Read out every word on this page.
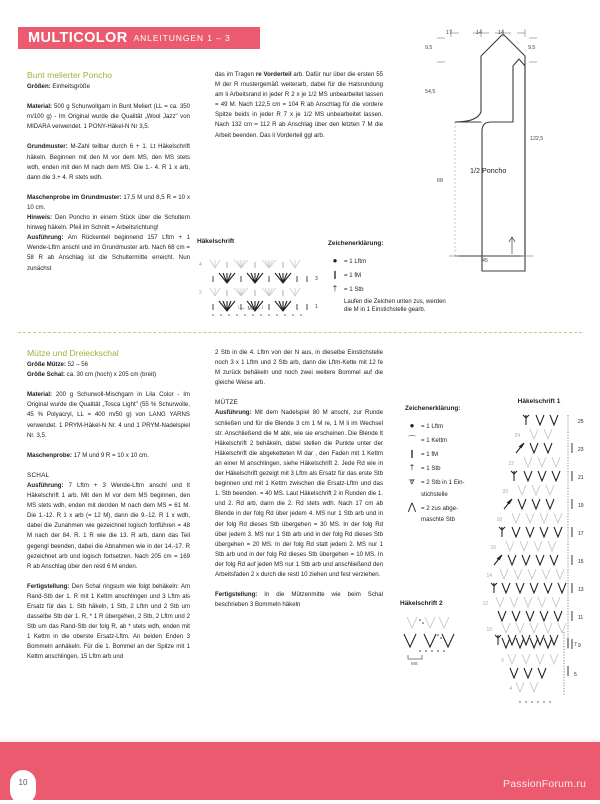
MULTICOLOR ANLEITUNGEN 1 – 3
Bunt melierter Poncho

Größen: Einheitsgröße

Material: 500 g Schurwollgarn in Bunt Meliert (LL = ca. 350 m/100 g) - Im Original wurde die Qualität „Wool Jazz" von MIDARA verwendet. 1 PONY-Häkel-N Nr 3,5.

Grundmuster: M-Zahl teilbar durch 6 + 1. Lt Häkelschrift häkeln. Beginnen mit den M vor dem MS, den MS stets wdh, enden mit den M nach dem MS. Die 1.- 4. R 1 x arb, dann die 3.+ 4. R stets wdh.

Maschenprobe im Grundmuster: 17,5 M und 8,5 R = 10 x 10 cm.

Hinweis: Den Poncho in einem Stück über die Schultern hinweg häkeln. Pfeil im Schnitt = Arbeitsrichtung!

Ausführung: Am Rückenteil beginnend 157 Lftm + 1 Wende-Lftm anschl und im Grundmuster arb. Nach 68 cm = 58 R ab Anschlag ist die Schultermitte erreicht. Nun zunächst

das im Tragen re Vorderteil arb. Dafür nur über die ersten 55 M der R mustergemäß weiterarb, dabei für die Halsrundung am li Arbeitsrand in jeder R 2 x je 1/2 MS unbearbeitet lassen = 49 M. Nach 122,5 cm = 104 R ab Anschlag für die vordere Spitze beids in jeder R 7 x je 1/2 MS unbearbeitet lassen. Nach 132 cm = 112 R ab Anschlag über den letzten 7 M die Arbeit beenden. Das li Vorderteil ggl arb.

17	14	14
9,5	9,5
54,5
68
122,5
45
1/2 Poncho
Häkelschrift
4
2
3
1
└─ MS ─┘
Zeichenerklärung:
●	= 1 Lftm
❙ = 1 fM
†	= 1 Stb
Laufen die Zeichen unten zus, werden die M in 1 Einstichstelle gearb.
Mütze und Dreieckschal

Größe Mütze: 52 – 56

Größe Schal: ca. 30 cm (hoch) x 205 cm (breit)

Material: 200 g Schurwoll-Mischgarn in Lila Color - Im Original wurde die Qualität „Tosca Light" (55 % Schurwolle, 45 % Polyacryl, LL = 400 m/50 g) von LANG YARNS verwendet. 1 PRYM-Häkel-N Nr. 4 und 1 PRYM-Nadelspiel Nr. 3,5.

Maschenprobe: 17 M und 9 R = 10 x 10 cm.

SCHAL

Ausführung: 7 Lftm + 3 Wende-Lftm anschl und lt Häkelschrift 1 arb. Mit den M vor dem MS beginnen, den MS stets wdh, enden mit der/den M nach dem MS = 61 M. Die 1.-12. R 1 x arb (= 12 M), dann die 9.-12. R 1 x wdh, dabei die Zunahmen wie gezeichnet logisch fortführen = 48 M nach der 84. R. 1 R wie die 13. R arb, dann das Teil gegengl beenden, dabei die Abnahmen wie in der 14.-17. R gezeichnet arb und logisch fortsetzen. Nach 205 cm = 169 R ab Anschlag über den restl 6 M enden.

Fertigstellung: Den Schal ringsum wie folgt behäkeln: Am Rand-Stb der 1. R mit 1 Kettm anschlingen und 3 Lftm als Ersatz für das 1. Stb häkeln, 1 Stb, 2 Lftm und 2 Stb um dasselbe Stb der 1. R, * 1 R übergehen, 2 Stb, 2 Lftm und 2 Stb um das Rand-Stb der folg R, ab * stets wdh, enden mit 1 Kettm in die oberste Ersatz-Lftm. An beiden Enden 3 Bommeln anhäkeln. Für die 1. Bommel an der Spitze mit 1 Kettm anschlingen, 15 Lftm arb und

2 Stb in die 4. Lftm von der N aus, in dieselbe Einstichstelle noch 3 x 1 Lftm und 2 Stb arb, dann die Lftm-Kette mit 12 fe M zurück behäkeln und noch zwei weitere Bommel auf die gleiche Weise arb.

MÜTZE

Ausführung: Mit dem Nadelspiel 80 M anschl, zur Runde schließen und für die Blende 3 cm 1 M re, 1 M li im Wechsel str. Anschließend die M abk, wie sie erscheinen. Die Blende lt Häkelschrift 2 behäkeln, dabei stellen die Punkte unter der Häkelschrift die abgeketteten M dar , den Faden mit 1 Kettm an einer M anschlingen, siehe Häkelschrift 2. Jede Rd wie in der Häkelschrift gezeigt mit 3 Lftm als Ersatz für das erste Stb beginnen und mit 1 Kettm zwischen die Ersatz-Lftm und das 1. Stb beenden. = 40 MS. Laut Häkelschrift 2 in Runden die 1. und 2. Rd arb, dann die 2. Rd stets wdh. Nach 17 cm ab Blende in der folg Rd über jedem 4. MS nur 1 Stb arb und in der folg Rd dieses Stb übergehen = 30 MS. In der folg Rd über jedem 3. MS nur 1 Stb arb und in der folg Rd dieses Stb übergehen = 20 MS. In der folg Rd statt jedem 2. MS nur 1 Stb arb und in der folg Rd dieses Stb übergehen = 10 MS. In der folg Rd auf jeden MS nur 1 Stb arb und anschließend den Arbeitsfaden 2 x durch die restl 10 ziehen und fest verziehen.

Fertigstellung: In die Mützenmitte wie beim Schal beschrieben 3 Bommeln häkeln

Zeichenerklärung:
●	= 1 Lftm
⌒ = 1 Kettm
❙ = 1 fM
†	= 1 Stb
⩔	= 2 Stb in 1 Ein-
stichstelle
⋀ = 2 zus abge-
maschte Stb
Häkelschrift 1
24
22
20
18
16
14
12
10
25
23
21
19
17
15
13
11
9
6
4
7
5
Häkelschrift 2
MS
10	PassionForum.ru
